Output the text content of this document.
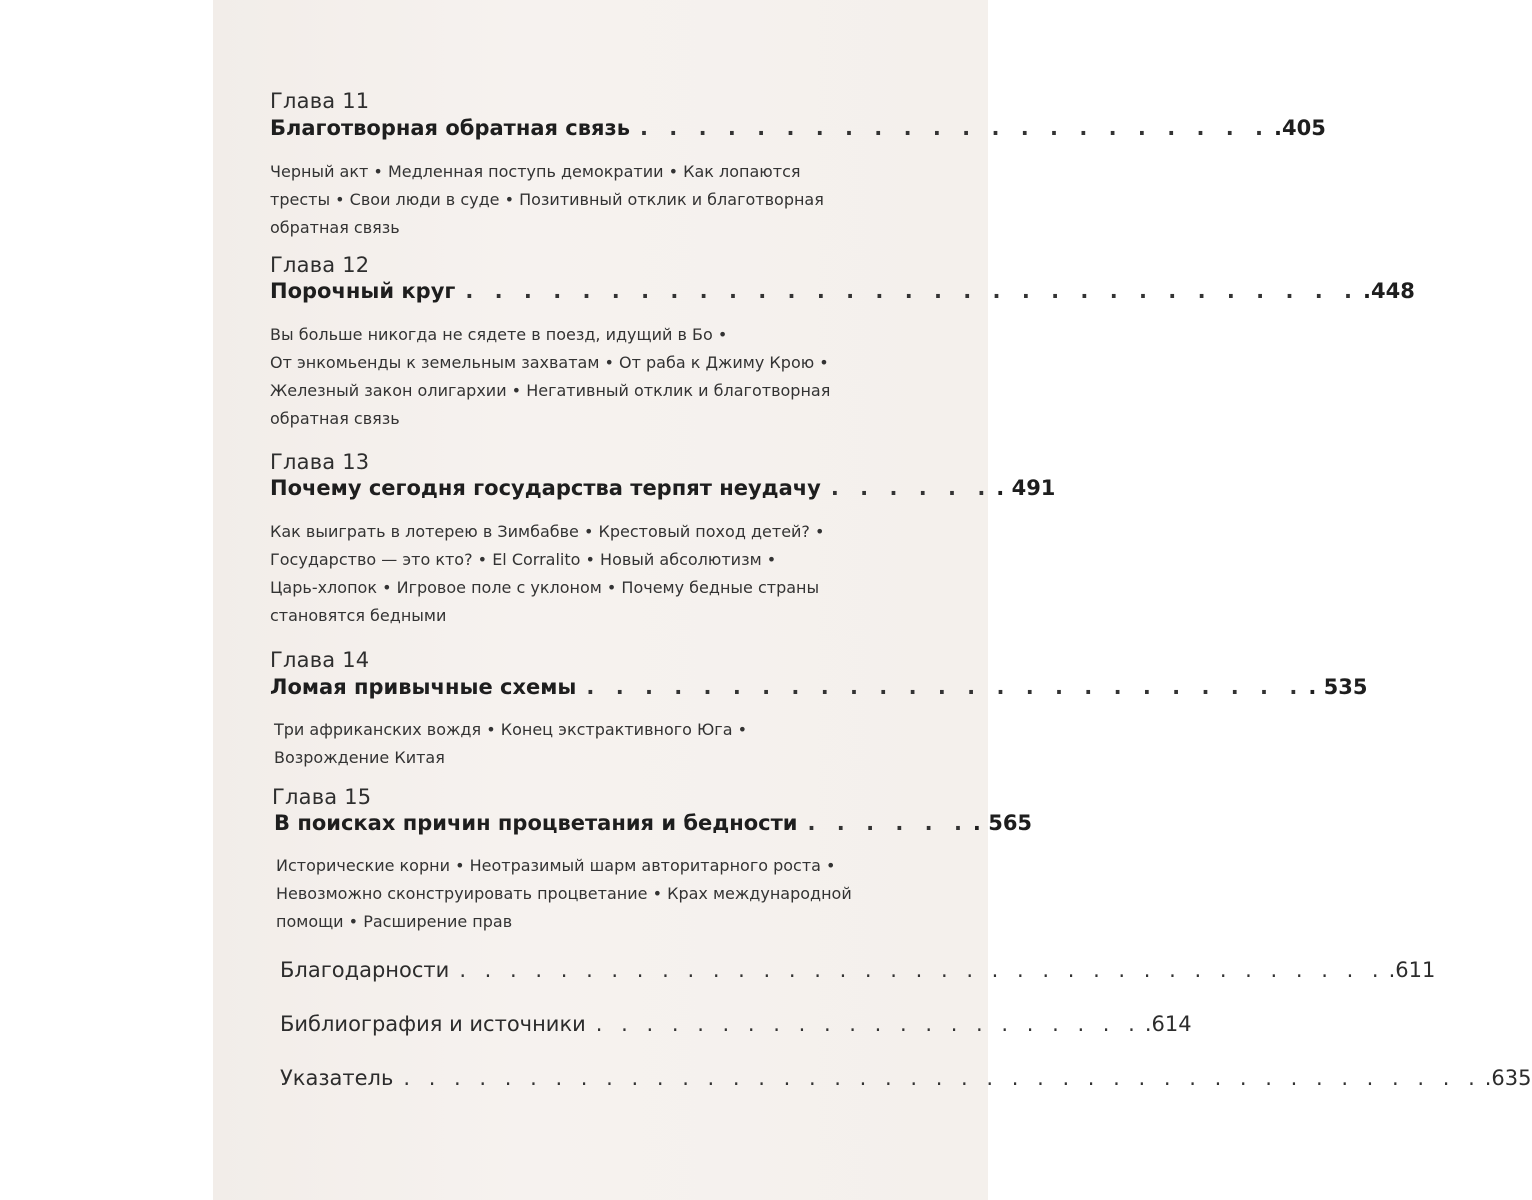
Глава 11
Благотворная обратная связь . . . . . . . . . . . . . . . . . . . . . . .405
Черный акт • Медленная поступь демократии • Как лопаются
тресты • Свои люди в суде • Позитивный отклик и благотворная
обратная связь
Глава 12
Порочный круг . . . . . . . . . . . . . . . . . . . . . . . . . . . . . . . .448
Вы больше никогда не сядете в поезд, идущий в Бо •
От энкомьенды к земельным захватам • От раба к Джиму Крою •
Железный закон олигархии • Негативный отклик и благотворная
обратная связь
Глава 13
Почему сегодня государства терпят неудачу . . . . . . . 491
Как выиграть в лотерею в Зимбабве • Крестовый поход детей? •
Государство — это кто? • El Corralito • Новый абсолютизм •
Царь-хлопок • Игровое поле с уклоном • Почему бедные страны
становятся бедными
Глава 14
Ломая привычные схемы . . . . . . . . . . . . . . . . . . . . . . . . . . 535
Три африканских вождя • Конец экстрактивного Юга •
Возрождение Китая
Глава 15
В поисках причин процветания и бедности . . . . . . . 565
Исторические корни • Неотразимый шарм авторитарного роста •
Невозможно сконструировать процветание • Крах международной
помощи • Расширение прав
Благодарности . . . . . . . . . . . . . . . . . . . . . . . . . . . . . . . . . . . . . .611
Библиография и источники . . . . . . . . . . . . . . . . . . . . . . .614
Указатель . . . . . . . . . . . . . . . . . . . . . . . . . . . . . . . . . . . . . . . . . . . .635
